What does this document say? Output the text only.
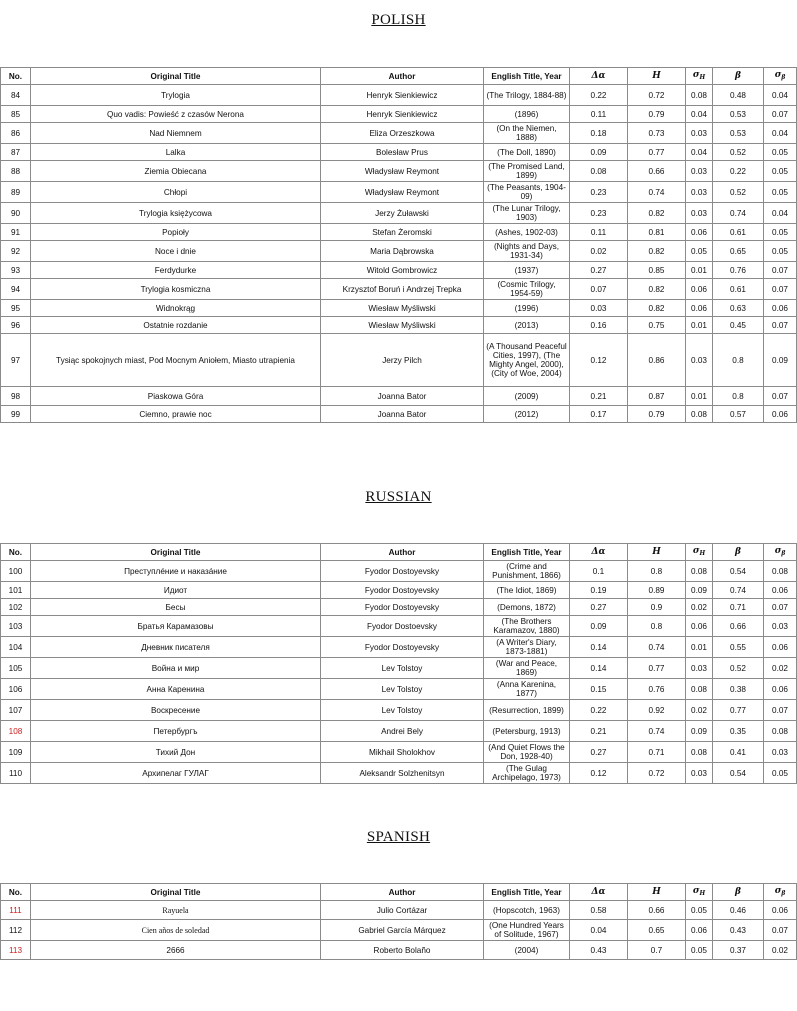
POLISH
No.	Original Title	Author	English Title, Year	Δα	H	$\sigma_H$	β	$\sigma_\beta$
84	Trylogia	Henryk Sienkiewicz	(The Trilogy, 1884-88)	0.22	0.72	0.08	0.48	0.04
85	Quo vadis: Powieść z czasów Nerona	Henryk Sienkiewicz	(1896)	0.11	0.79	0.04	0.53	0.07
86	Nad Niemnem	Eliza Orzeszkowa	(On the Niemen, 1888)	0.18	0.73	0.03	0.53	0.04
87	Lalka	Bolesław Prus	(The Doll, 1890)	0.09	0.77	0.04	0.52	0.05
88	Ziemia Obiecana	Władysław Reymont	(The Promised Land, 1899)	0.08	0.66	0.03	0.22	0.05
89	Chłopi	Władysław Reymont	(The Peasants, 1904-09)	0.23	0.74	0.03	0.52	0.05
90	Trylogia księżycowa	Jerzy Żuławski	(The Lunar Trilogy, 1903)	0.23	0.82	0.03	0.74	0.04
91	Popioły	Stefan Żeromski	(Ashes, 1902-03)	0.11	0.81	0.06	0.61	0.05
92	Noce i dnie	Maria Dąbrowska	(Nights and Days, 1931-34)	0.02	0.82	0.05	0.65	0.05
93	Ferdydurke	Witold Gombrowicz	(1937)	0.27	0.85	0.01	0.76	0.07
94	Trylogia kosmiczna	Krzysztof Boruń i Andrzej Trepka	(Cosmic Trilogy, 1954-59)	0.07	0.82	0.06	0.61	0.07
95	Widnokrąg	Wiesław Myśliwski	(1996)	0.03	0.82	0.06	0.63	0.06
96	Ostatnie rozdanie	Wiesław Myśliwski	(2013)	0.16	0.75	0.01	0.45	0.07
97	Tysiąc spokojnych miast, Pod Mocnym Aniołem, Miasto utrapienia	Jerzy Pilch	(A Thousand Peaceful Cities, 1997), (The Mighty Angel, 2000), (City of Woe, 2004)	0.12	0.86	0.03	0.8	0.09
98	Piaskowa Góra	Joanna Bator	(2009)	0.21	0.87	0.01	0.8	0.07
99	Ciemno, prawie noc	Joanna Bator	(2012)	0.17	0.79	0.08	0.57	0.06
RUSSIAN
No.	Original Title	Author	English Title, Year	Δα	H	$\sigma_H$	β	$\sigma_\beta$
100	Преступлéние и наказáние	Fyodor Dostoyevsky	(Crime and Punishment, 1866)	0.1	0.8	0.08	0.54	0.08
101	Идиот	Fyodor Dostoyevsky	(The Idiot, 1869)	0.19	0.89	0.09	0.74	0.06
102	Бесы	Fyodor Dostoyevsky	(Demons, 1872)	0.27	0.9	0.02	0.71	0.07
103	Братья Карамазовы	Fyodor Dostoevsky	(The Brothers Karamazov, 1880)	0.09	0.8	0.06	0.66	0.03
104	Дневник писателя	Fyodor Dostoyevsky	(A Writer's Diary, 1873-1881)	0.14	0.74	0.01	0.55	0.06
105	Война и мир	Lev Tolstoy	(War and Peace, 1869)	0.14	0.77	0.03	0.52	0.02
106	Анна Каренина	Lev Tolstoy	(Anna Karenina, 1877)	0.15	0.76	0.08	0.38	0.06
107	Воскресение	Lev Tolstoy	(Resurrection, 1899)	0.22	0.92	0.02	0.77	0.07
108	Петербургъ	Andrei Bely	(Petersburg, 1913)	0.21	0.74	0.09	0.35	0.08
109	Тихий Дон	Mikhail Sholokhov	(And Quiet Flows the Don, 1928-40)	0.27	0.71	0.08	0.41	0.03
110	Архипелаг ГУЛАГ	Aleksandr Solzhenitsyn	(The Gulag Archipelago, 1973)	0.12	0.72	0.03	0.54	0.05
SPANISH
No.	Original Title	Author	English Title, Year	Δα	H	$\sigma_H$	β	$\sigma_\beta$
111	Rayuela	Julio Cortázar	(Hopscotch, 1963)	0.58	0.66	0.05	0.46	0.06
112	Cien años de soledad	Gabriel García Márquez	(One Hundred Years of Solitude, 1967)	0.04	0.65	0.06	0.43	0.07
113	2666	Roberto Bolaño	(2004)	0.43	0.7	0.05	0.37	0.02
